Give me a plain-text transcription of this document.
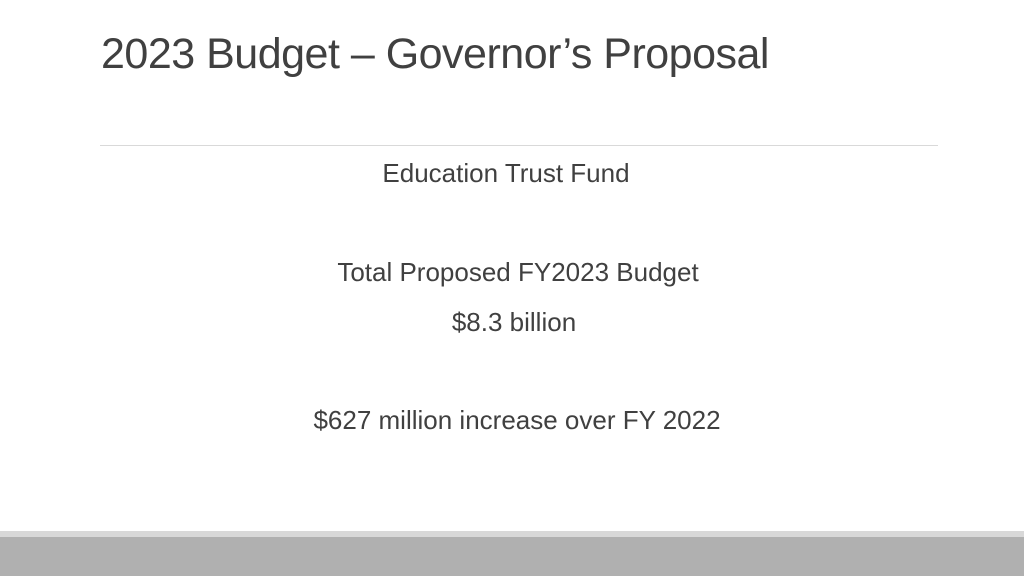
2023 Budget – Governor’s Proposal
Education Trust Fund
Total Proposed FY2023 Budget
$8.3 billion
$627 million increase over FY 2022
